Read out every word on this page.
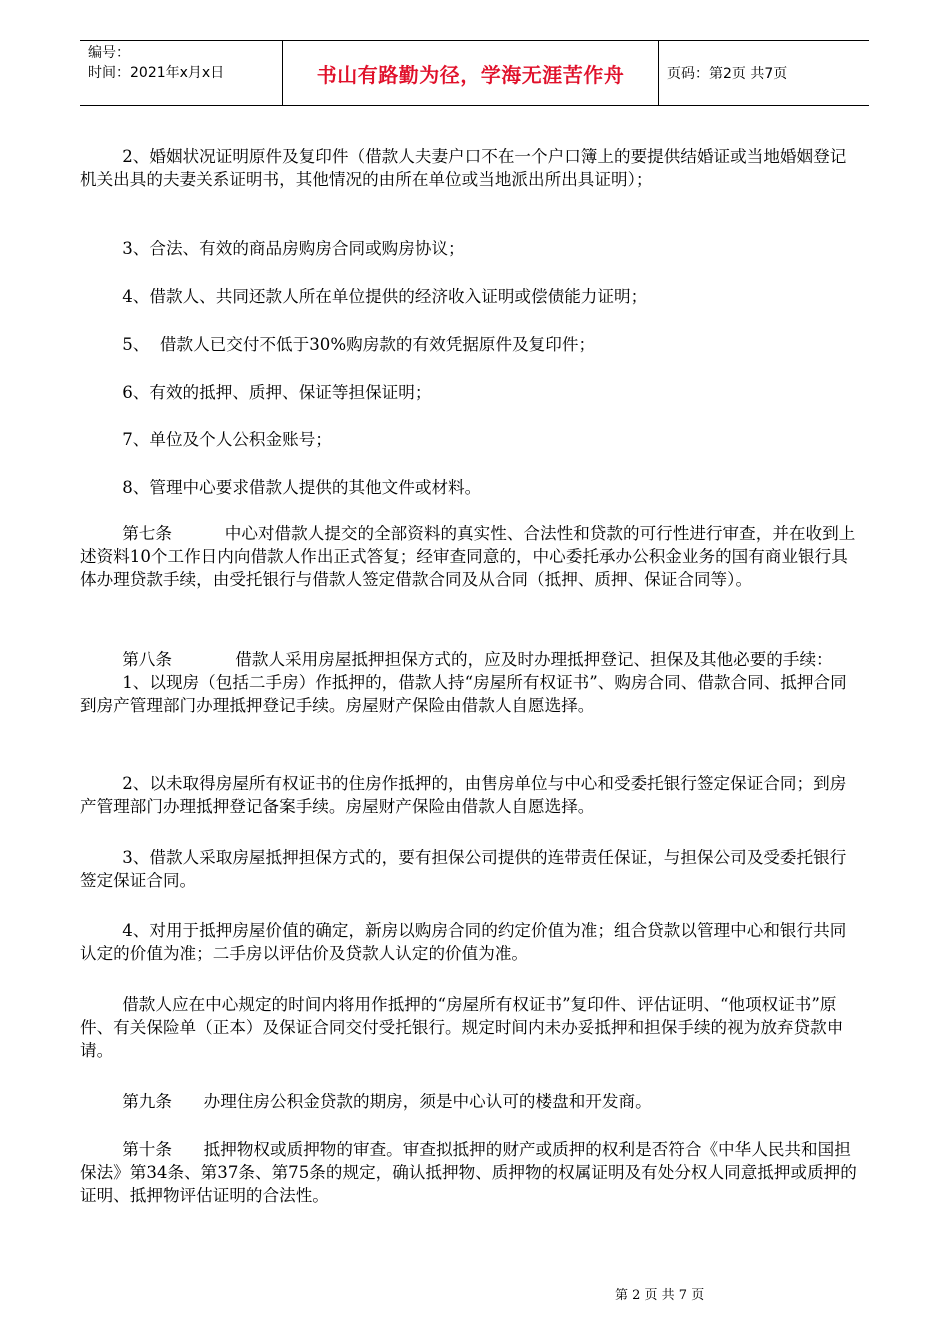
编号：
时间：2021年x月x日	书山有路勤为径，学海无涯苦作舟	页码：第2页 共7页

2、婚姻状况证明原件及复印件（借款人夫妻户口不在一个户口簿上的要提供结婚证或当地婚姻登记机关出具的夫妻关系证明书，其他情况的由所在单位或当地派出所出具证明）；

3、合法、有效的商品房购房合同或购房协议；

4、借款人、共同还款人所在单位提供的经济收入证明或偿债能力证明；

5、  借款人已交付不低于30%购房款的有效凭据原件及复印件；

6、有效的抵押、质押、保证等担保证明；

7、单位及个人公积金账号；

8、管理中心要求借款人提供的其他文件或材料。

第七条          中心对借款人提交的全部资料的真实性、合法性和贷款的可行性进行审查，并在收到上述资料10个工作日内向借款人作出正式答复；经审查同意的，中心委托承办公积金业务的国有商业银行具体办理贷款手续，由受托银行与借款人签定借款合同及从合同（抵押、质押、保证合同等）。

第八条            借款人采用房屋抵押担保方式的，应及时办理抵押登记、担保及其他必要的手续：
1、以现房（包括二手房）作抵押的，借款人持“房屋所有权证书”、购房合同、借款合同、抵押合同到房产管理部门办理抵押登记手续。房屋财产保险由借款人自愿选择。

2、以未取得房屋所有权证书的住房作抵押的，由售房单位与中心和受委托银行签定保证合同；到房产管理部门办理抵押登记备案手续。房屋财产保险由借款人自愿选择。

3、借款人采取房屋抵押担保方式的，要有担保公司提供的连带责任保证，与担保公司及受委托银行签定保证合同。

4、对用于抵押房屋价值的确定，新房以购房合同的约定价值为准；组合贷款以管理中心和银行共同认定的价值为准；二手房以评估价及贷款人认定的价值为准。

借款人应在中心规定的时间内将用作抵押的“房屋所有权证书”复印件、评估证明、“他项权证书”原件、有关保险单（正本）及保证合同交付受托银行。规定时间内未办妥抵押和担保手续的视为放弃贷款申请。

第九条      办理住房公积金贷款的期房，须是中心认可的楼盘和开发商。

第十条      抵押物权或质押物的审查。审查拟抵押的财产或质押的权利是否符合《中华人民共和国担保法》第34条、第37条、第75条的规定，确认抵押物、质押物的权属证明及有处分权人同意抵押或质押的证明、抵押物评估证明的合法性。

第 2 页 共 7 页
